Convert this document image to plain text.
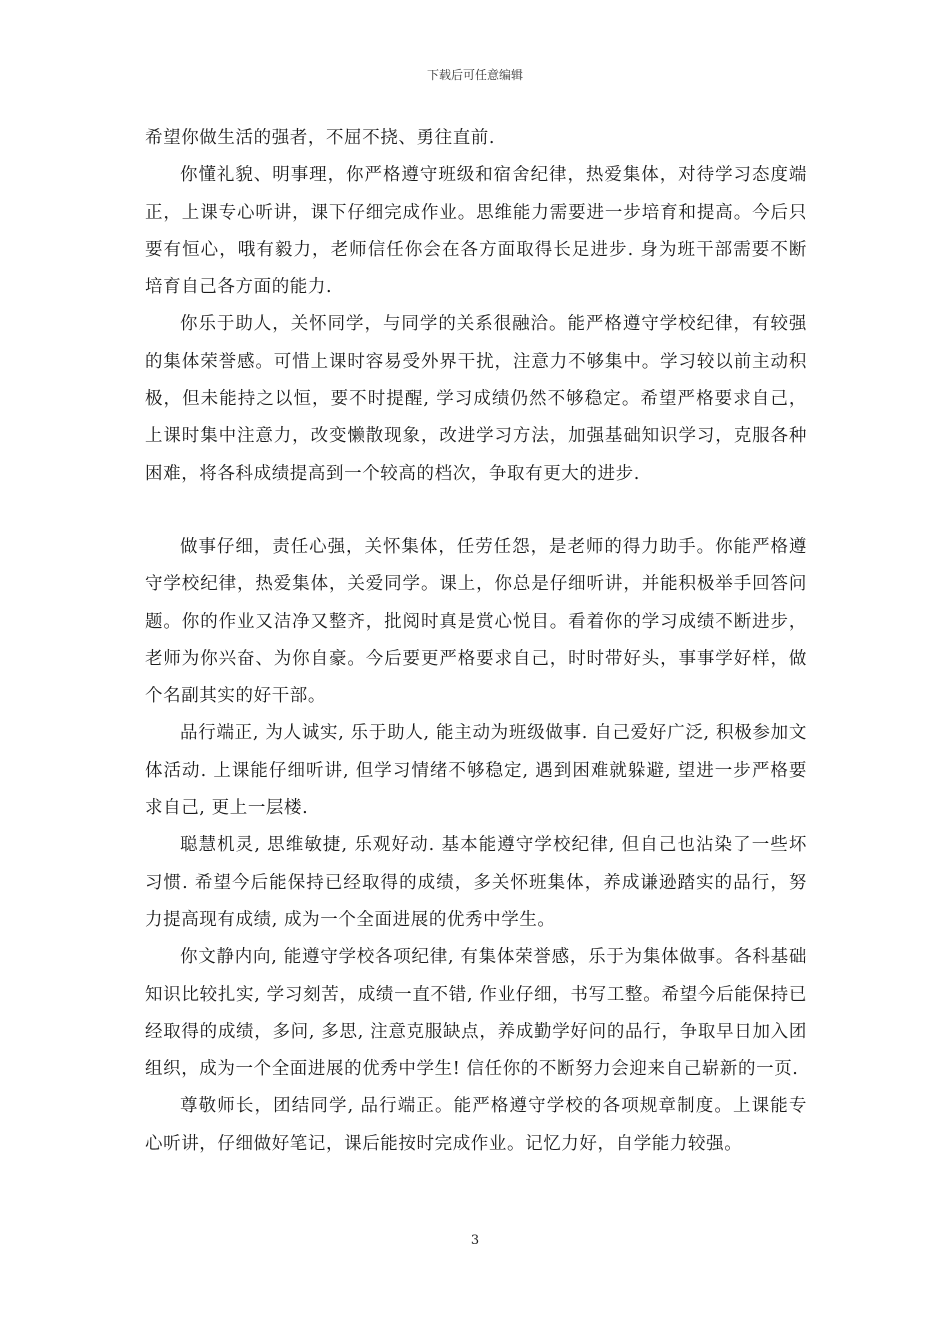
下载后可任意编辑

希望你做生活的强者，不屈不挠、勇往直前.

你懂礼貌、明事理，你严格遵守班级和宿舍纪律，热爱集体，对待学习态度端正，上课专心听讲，课下仔细完成作业。思维能力需要进一步培育和提高。今后只要有恒心，哦有毅力，老师信任你会在各方面取得长足进步. 身为班干部需要不断培育自己各方面的能力.

你乐于助人，关怀同学，与同学的关系很融洽。能严格遵守学校纪律，有较强的集体荣誉感。可惜上课时容易受外界干扰，注意力不够集中。学习较以前主动积极，但未能持之以恒，要不时提醒, 学习成绩仍然不够稳定。希望严格要求自己，上课时集中注意力，改变懒散现象，改进学习方法，加强基础知识学习，克服各种困难，将各科成绩提高到一个较高的档次，争取有更大的进步.

做事仔细，责任心强，关怀集体，任劳任怨，是老师的得力助手。你能严格遵守学校纪律，热爱集体，关爱同学。课上，你总是仔细听讲，并能积极举手回答问题。你的作业又洁净又整齐，批阅时真是赏心悦目。看着你的学习成绩不断进步，老师为你兴奋、为你自豪。今后要更严格要求自己，时时带好头，事事学好样，做个名副其实的好干部。

品行端正, 为人诚实, 乐于助人, 能主动为班级做事. 自己爱好广泛, 积极参加文体活动. 上课能仔细听讲, 但学习情绪不够稳定, 遇到困难就躲避, 望进一步严格要求自己, 更上一层楼.

聪慧机灵, 思维敏捷, 乐观好动. 基本能遵守学校纪律, 但自己也沾染了一些坏习惯. 希望今后能保持已经取得的成绩，多关怀班集体，养成谦逊踏实的品行，努力提高现有成绩, 成为一个全面进展的优秀中学生。

你文静内向, 能遵守学校各项纪律, 有集体荣誉感，乐于为集体做事。各科基础知识比较扎实, 学习刻苦，成绩一直不错, 作业仔细，书写工整。希望今后能保持已经取得的成绩，多问, 多思, 注意克服缺点，养成勤学好问的品行，争取早日加入团组织，成为一个全面进展的优秀中学生! 信任你的不断努力会迎来自己崭新的一页.

尊敬师长，团结同学, 品行端正。能严格遵守学校的各项规章制度。上课能专心听讲，仔细做好笔记，课后能按时完成作业。记忆力好，自学能力较强。

3
